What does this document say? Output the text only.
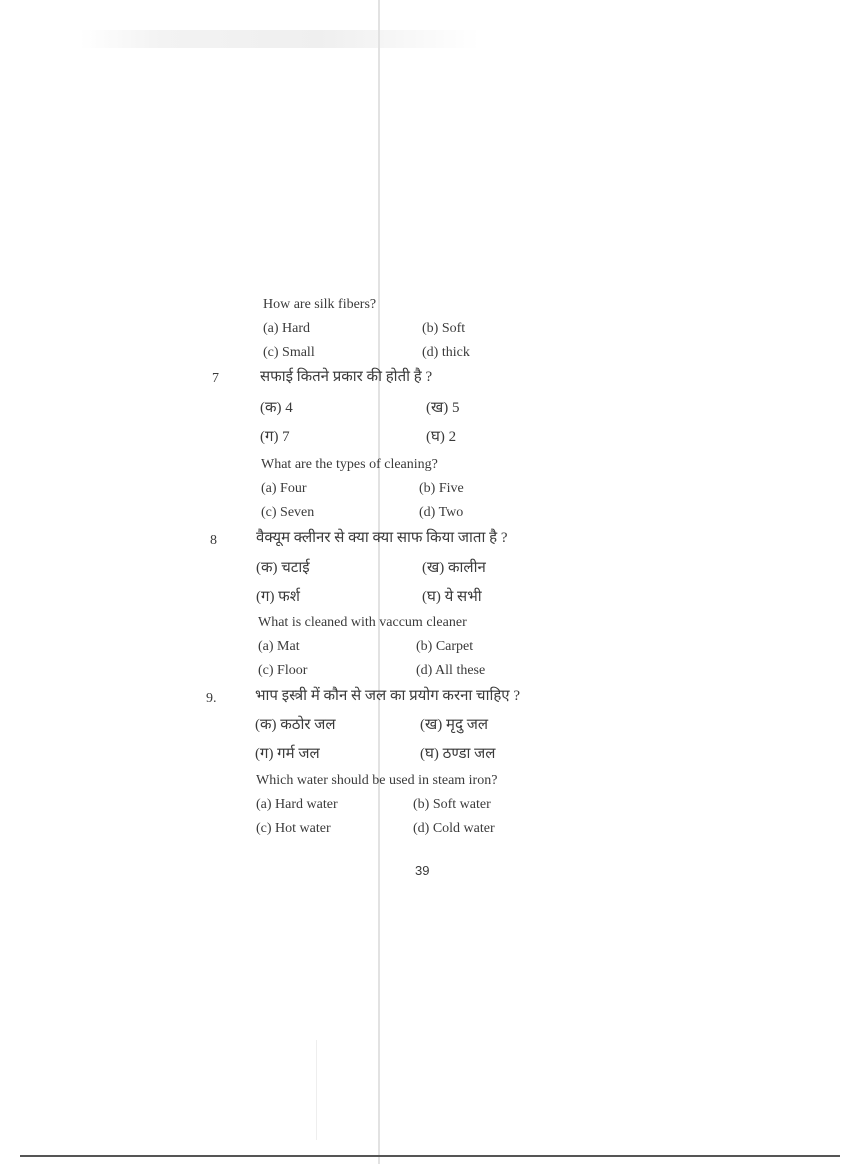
How are silk fibers?
(a) Hard	(b) Soft
(c) Small	(d) thick
7	सफाई कितने प्रकार की होती है ?
(क) 4	(ख) 5
(ग) 7	(घ) 2
What are the types of cleaning?
(a) Four	(b) Five
(c) Seven	(d) Two
8	वैक्यूम क्लीनर से क्या क्या साफ किया जाता है ?
(क) चटाई	(ख) कालीन
(ग) फर्श	(घ) ये सभी
What is cleaned with vaccum cleaner
(a) Mat	(b) Carpet
(c) Floor	(d) All these
9.	भाप इस्त्री में कौन से जल का प्रयोग करना चाहिए ?
(क) कठोर जल	(ख) मृदु जल
(ग) गर्म जल	(घ) ठण्डा जल
Which water should be used in steam iron?
(a) Hard water	(b) Soft water
(c) Hot water	(d) Cold water
39
